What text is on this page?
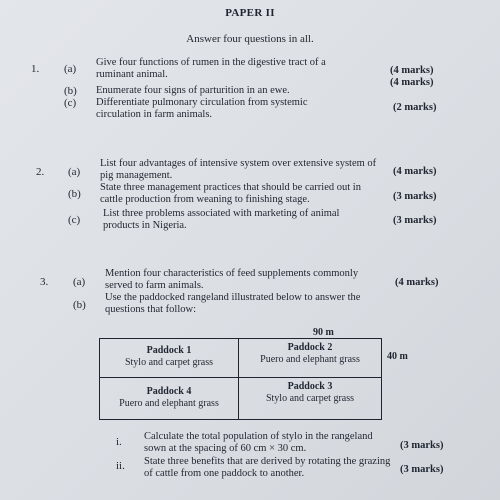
PAPER II
Answer four questions in all.
1. (a)
Give four functions of rumen in the digestive tract of a ruminant animal.	(4 marks)
(b) Enumerate four signs of parturition in an ewe.
(4 marks)
(c) Differentiate pulmonary circulation from systemic circulation in farm animals.
(2 marks)
2. (a)
List four advantages of intensive system over extensive system of pig management.	(4 marks)
(b)
State three management practices that should be carried out in cattle production from weaning to finishing stage.	(3 marks)
(c)
List three problems associated with marketing of animal products in Nigeria.	(3 marks)
3. (a)
Mention four characteristics of feed supplements commonly served to farm animals.	(4 marks)
(b)
Use the paddocked rangeland illustrated below to answer the questions that follow:
90 m
Paddock 1
Stylo and carpet grass
Paddock 2
Puero and elephant grass
Paddock 4
Puero and elephant grass
Paddock 3
Stylo and carpet grass
40 m
i. Calculate the total population of stylo in the rangeland sown at the spacing of 60 cm × 30 cm.	(3 marks)
ii. State three benefits that are derived by rotating the grazing of cattle from one paddock to another.	(3 marks)
